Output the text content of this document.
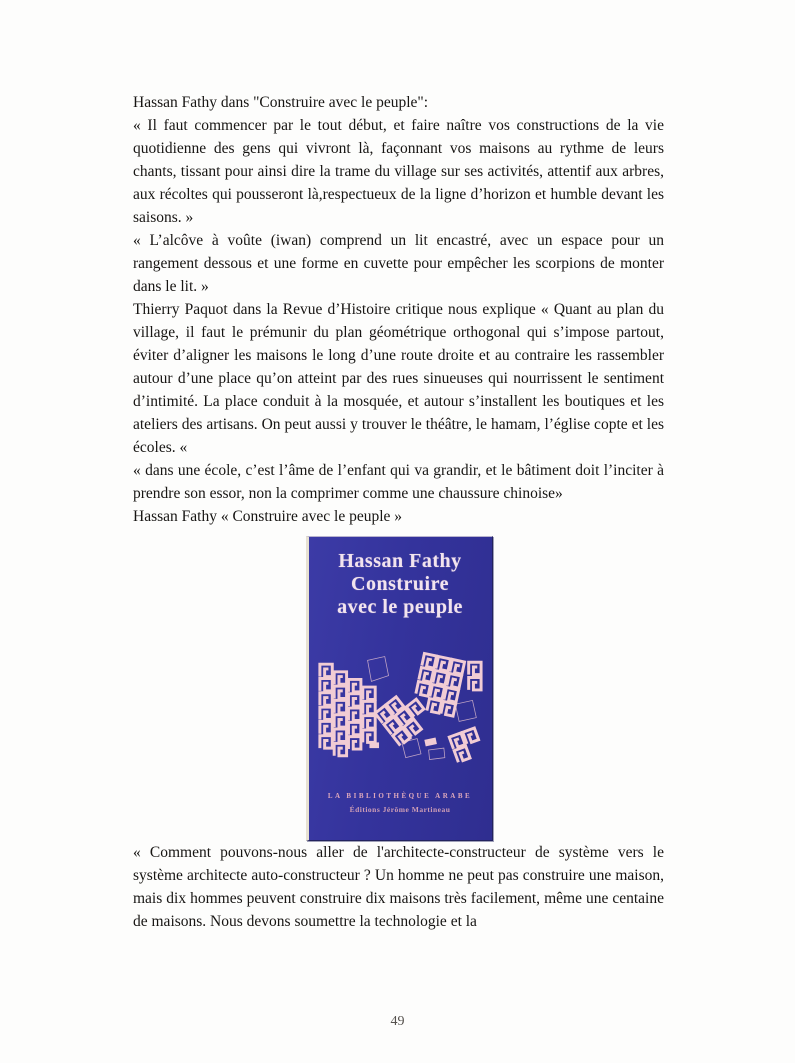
Hassan Fathy dans "Construire avec le peuple":

« Il faut commencer par le tout début, et faire naître vos constructions de la vie quotidienne des gens qui vivront là, façonnant vos maisons au rythme de leurs chants, tissant pour ainsi dire la trame du village sur ses activités, attentif aux arbres, aux récoltes qui pousseront là,respectueux de la ligne d’horizon et humble devant les saisons. »

« L’alcôve à voûte (iwan) comprend un lit encastré, avec un espace pour un rangement dessous et une forme en cuvette pour empêcher les scorpions de monter dans le lit. »

Thierry Paquot dans la Revue d’Histoire critique nous explique « Quant au plan du village, il faut le prémunir du plan géométrique orthogonal qui s’impose partout, éviter d’aligner les maisons le long d’une route droite et au contraire les rassembler autour d’une place qu’on atteint par des rues sinueuses qui nourrissent le sentiment d’intimité. La place conduit à la mosquée, et autour s’installent les boutiques et les ateliers des artisans. On peut aussi y trouver le théâtre, le hamam, l’église copte et les écoles. «

« dans une école, c’est l’âme de l’enfant qui va grandir, et le bâtiment doit l’inciter à prendre son essor, non la comprimer comme une chaussure chinoise»

Hassan Fathy « Construire avec le peuple »

Hassan Fathy
Construire
avec le peuple
LA BIBLIOTHÈQUE ARABE
Éditions Jérôme Martineau

« Comment pouvons-nous aller de l'architecte-constructeur de système vers le système architecte auto-constructeur ? Un homme ne peut pas construire une maison, mais dix hommes peuvent construire dix maisons très facilement, même une centaine de maisons. Nous devons soumettre la technologie et la

49
